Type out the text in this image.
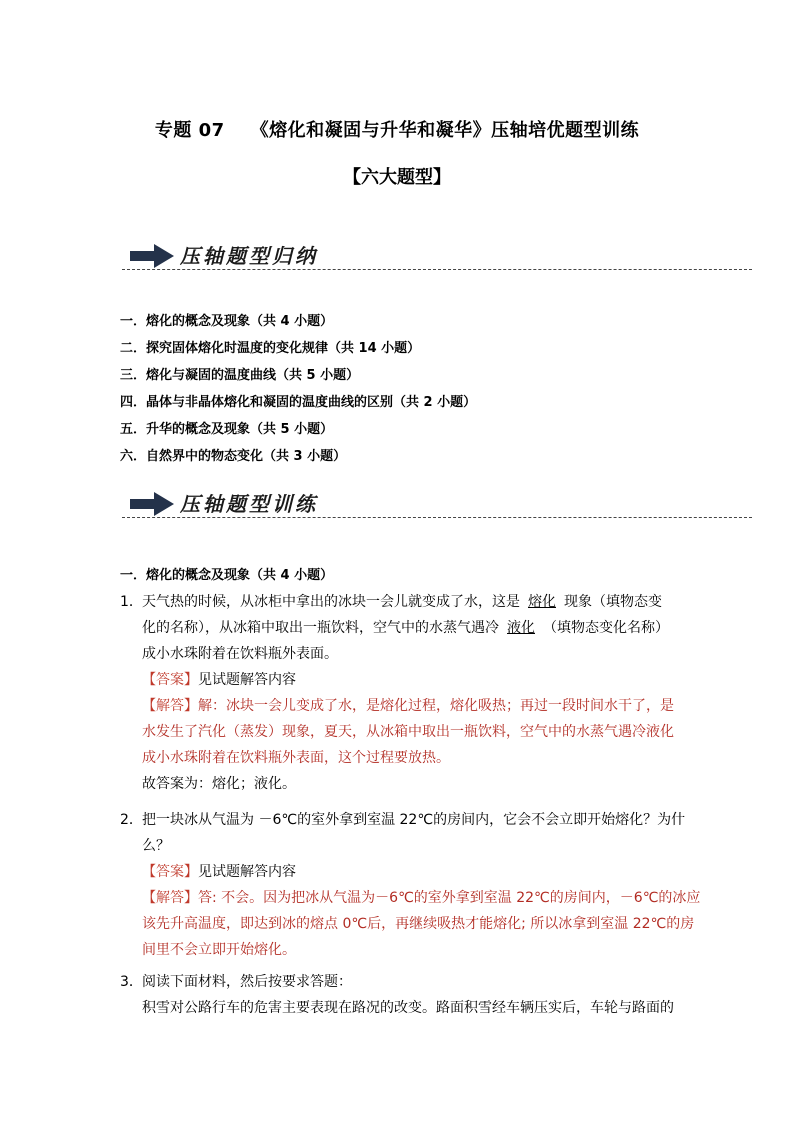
专题 07 《熔化和凝固与升华和凝华》压轴培优题型训练
【六大题型】
压轴题型归纳
一．熔化的概念及现象（共 4 小题）
二．探究固体熔化时温度的变化规律（共 14 小题）
三．熔化与凝固的温度曲线（共 5 小题）
四．晶体与非晶体熔化和凝固的温度曲线的区别（共 2 小题）
五．升华的概念及现象（共 5 小题）
六．自然界中的物态变化（共 3 小题）
压轴题型训练
一．熔化的概念及现象（共 4 小题）
1． 天气热的时候，从冰柜中拿出的冰块一会儿就变成了水，这是 熔化 现象（填物态变
化的名称），从冰箱中取出一瓶饮料，空气中的水蒸气遇冷 液化 （填物态变化名称）
成小水珠附着在饮料瓶外表面。
【答案】见试题解答内容
【解答】解：冰块一会儿变成了水，是熔化过程，熔化吸热；再过一段时间水干了，是
水发生了汽化（蒸发）现象，夏天，从冰箱中取出一瓶饮料，空气中的水蒸气遇冷液化
成小水珠附着在饮料瓶外表面，这个过程要放热。
故答案为：熔化；液化。
2． 把一块冰从气温为 －6℃的室外拿到室温 22℃的房间内，它会不会立即开始熔化？为什
么？
【答案】见试题解答内容
【解答】答: 不会。因为把冰从气温为－6℃的室外拿到室温 22℃的房间内，－6℃的冰应
该先升高温度，即达到冰的熔点 0℃后，再继续吸热才能熔化; 所以冰拿到室温 22℃的房
间里不会立即开始熔化。
3． 阅读下面材料，然后按要求答题：
积雪对公路行车的危害主要表现在路况的改变。路面积雪经车辆压实后，车轮与路面的
